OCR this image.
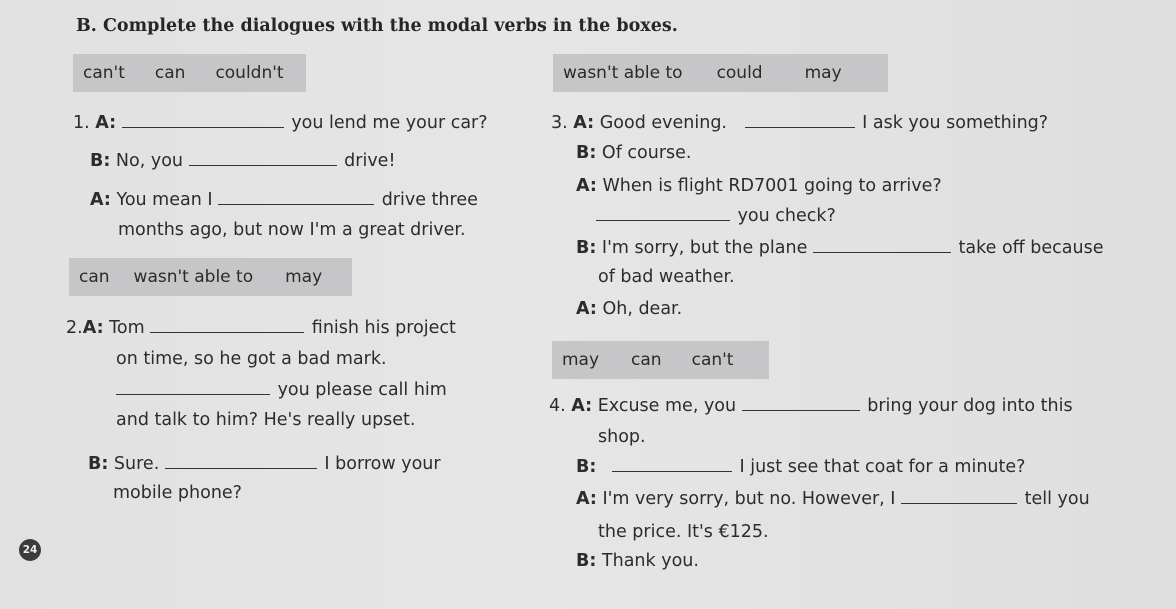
B. Complete the dialogues with the modal verbs in the boxes.
can't can couldn't	wasn't able to could may
1. A:	you lend me your car?
B: No, you	drive!
A: You mean I	drive three
months ago, but now I'm a great driver.
can wasn't able to may
2.A: Tom	finish his project
on time, so he got a bad mark.
you please call him
and talk to him? He's really upset.
B: Sure.	I borrow your
mobile phone?
3. A: Good evening.	I ask you something?
B: Of course.
A: When is flight RD7001 going to arrive?
you check?
B: I'm sorry, but the plane	take off because
of bad weather.
A: Oh, dear.
may can can't
4. A: Excuse me, you	bring your dog into this
shop.
B:	I just see that coat for a minute?
A: I'm very sorry, but no. However, I	tell you
the price. It's €125.
B: Thank you.
24
